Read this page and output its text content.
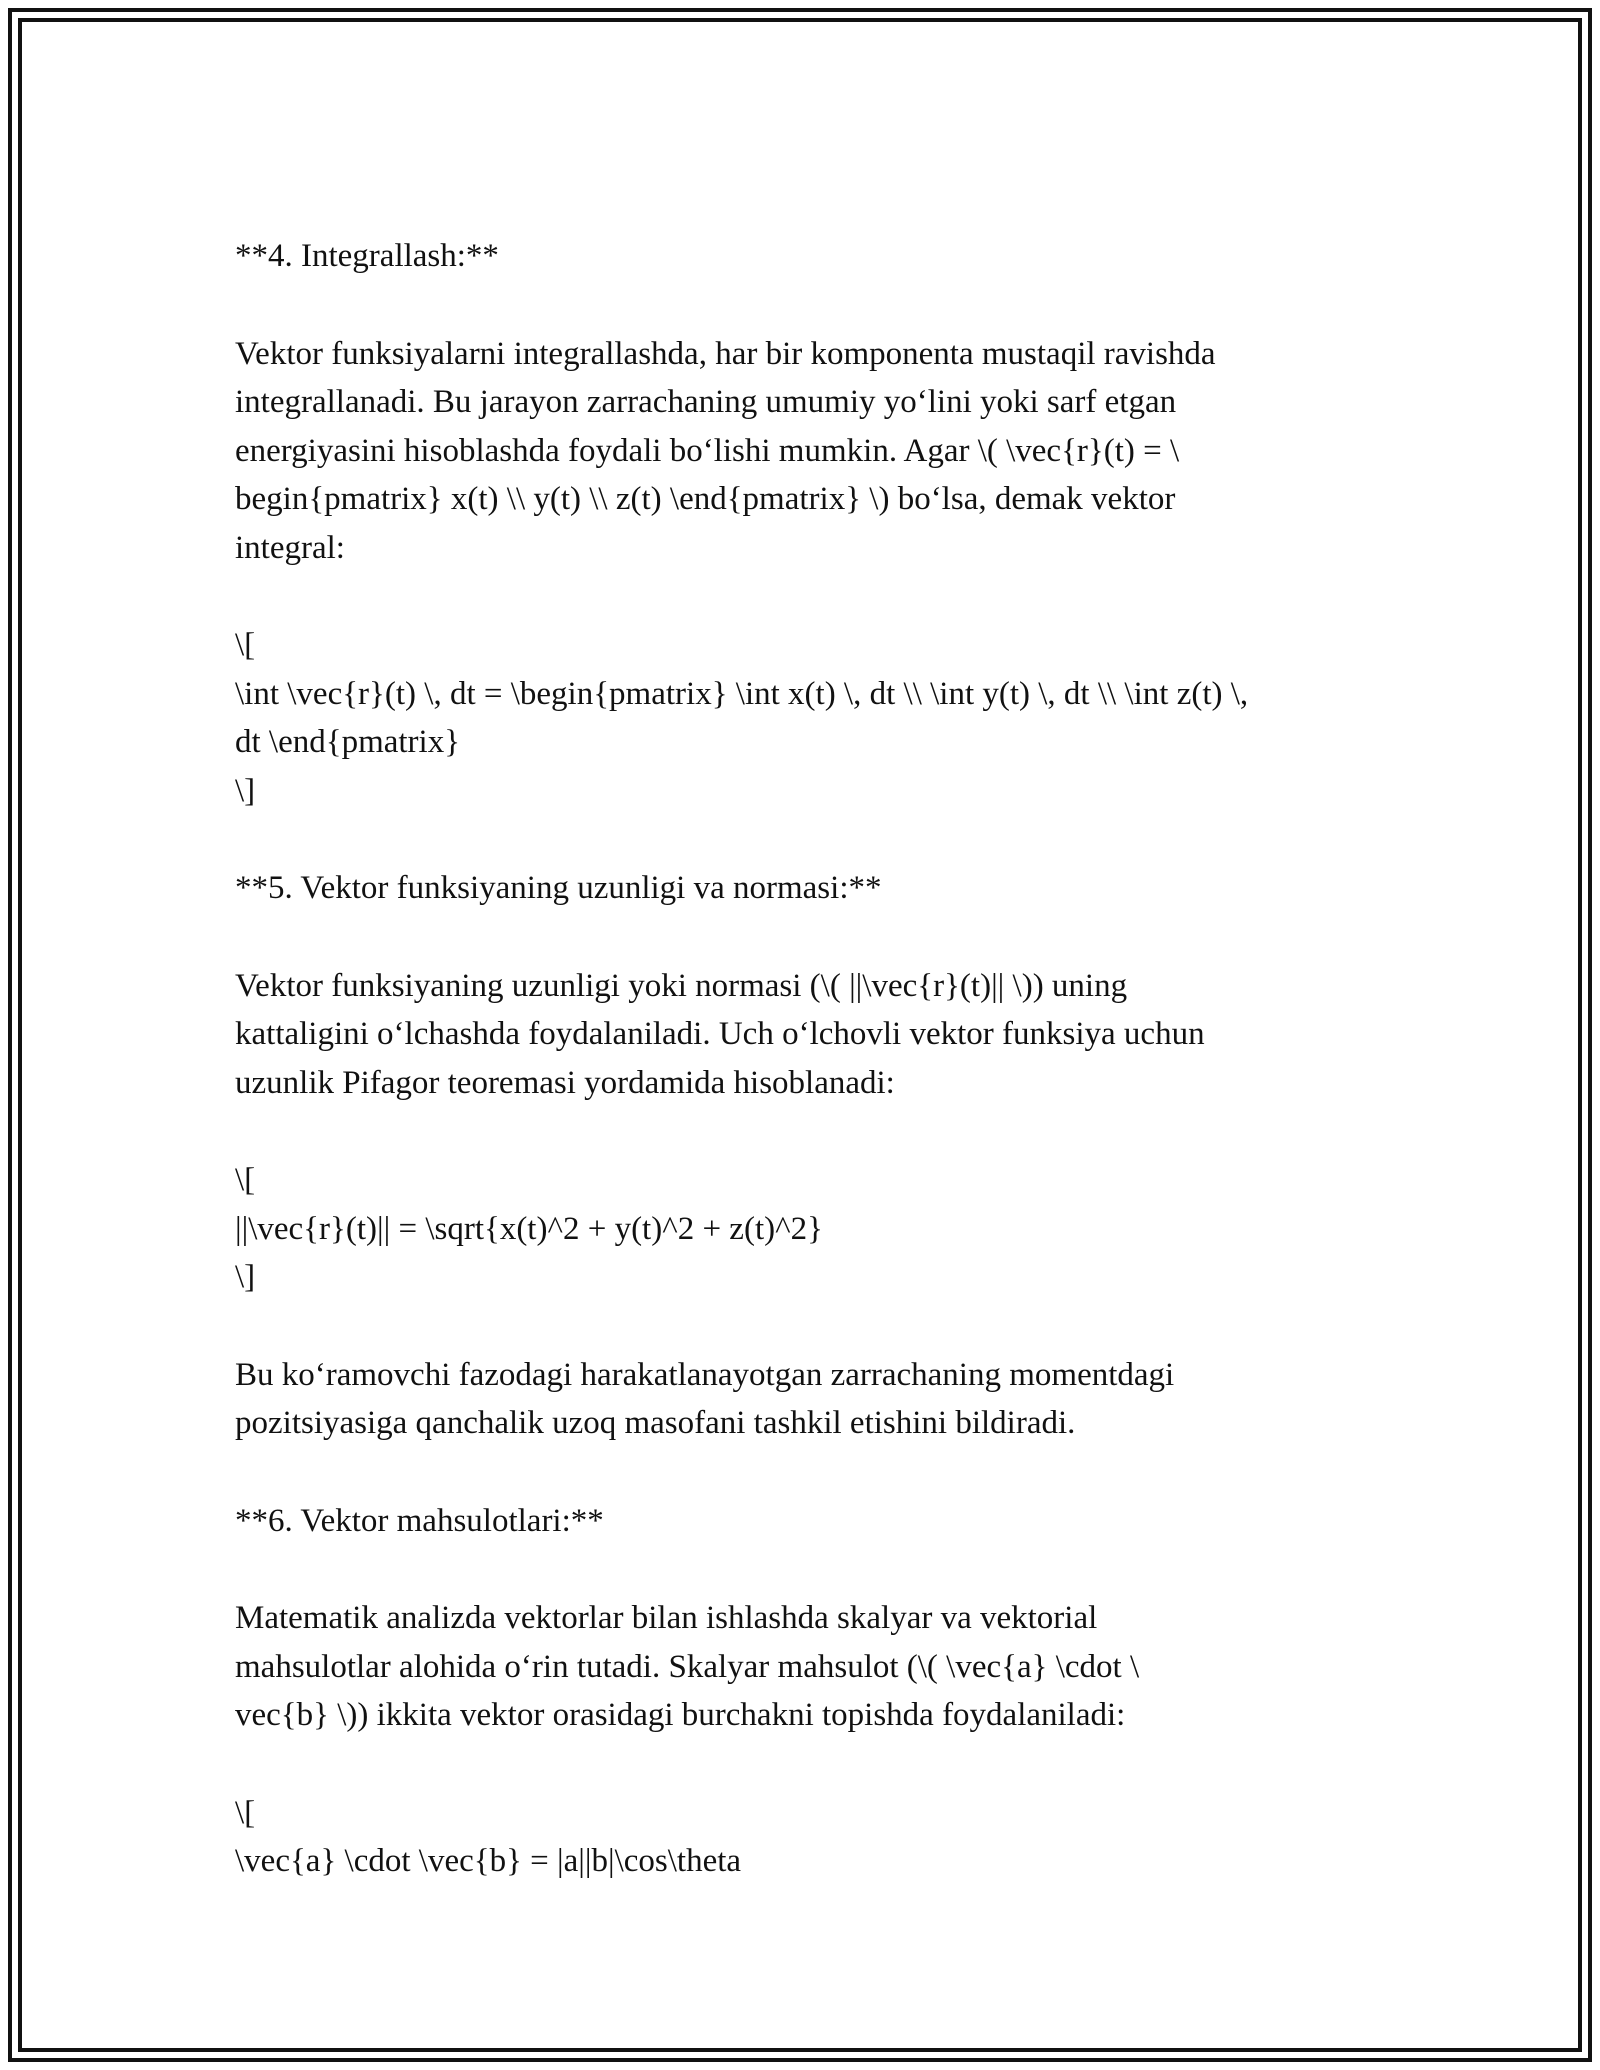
**4. Integrallash:**

Vektor funksiyalarni integrallashda, har bir komponenta mustaqil ravishda
integrallanadi. Bu jarayon zarrachaning umumiy yo‘lini yoki sarf etgan
energiyasini hisoblashda foydali bo‘lishi mumkin. Agar \( \vec{r}(t) = \
begin{pmatrix} x(t) \\ y(t) \\ z(t) \end{pmatrix} \) bo‘lsa, demak vektor
integral:

\[
\int \vec{r}(t) \, dt = \begin{pmatrix} \int x(t) \, dt \\ \int y(t) \, dt \\ \int z(t) \,
dt \end{pmatrix}
\]

**5. Vektor funksiyaning uzunligi va normasi:**

Vektor funksiyaning uzunligi yoki normasi (\( ||\vec{r}(t)|| \)) uning
kattaligini o‘lchashda foydalaniladi. Uch o‘lchovli vektor funksiya uchun
uzunlik Pifagor teoremasi yordamida hisoblanadi:

\[
||\vec{r}(t)|| = \sqrt{x(t)^2 + y(t)^2 + z(t)^2}
\]

Bu ko‘ramovchi fazodagi harakatlanayotgan zarrachaning momentdagi
pozitsiyasiga qanchalik uzoq masofani tashkil etishini bildiradi.

**6. Vektor mahsulotlari:**

Matematik analizda vektorlar bilan ishlashda skalyar va vektorial
mahsulotlar alohida o‘rin tutadi. Skalyar mahsulot (\( \vec{a} \cdot \
vec{b} \)) ikkita vektor orasidagi burchakni topishda foydalaniladi:

\[
\vec{a} \cdot \vec{b} = |a||b|\cos\theta
